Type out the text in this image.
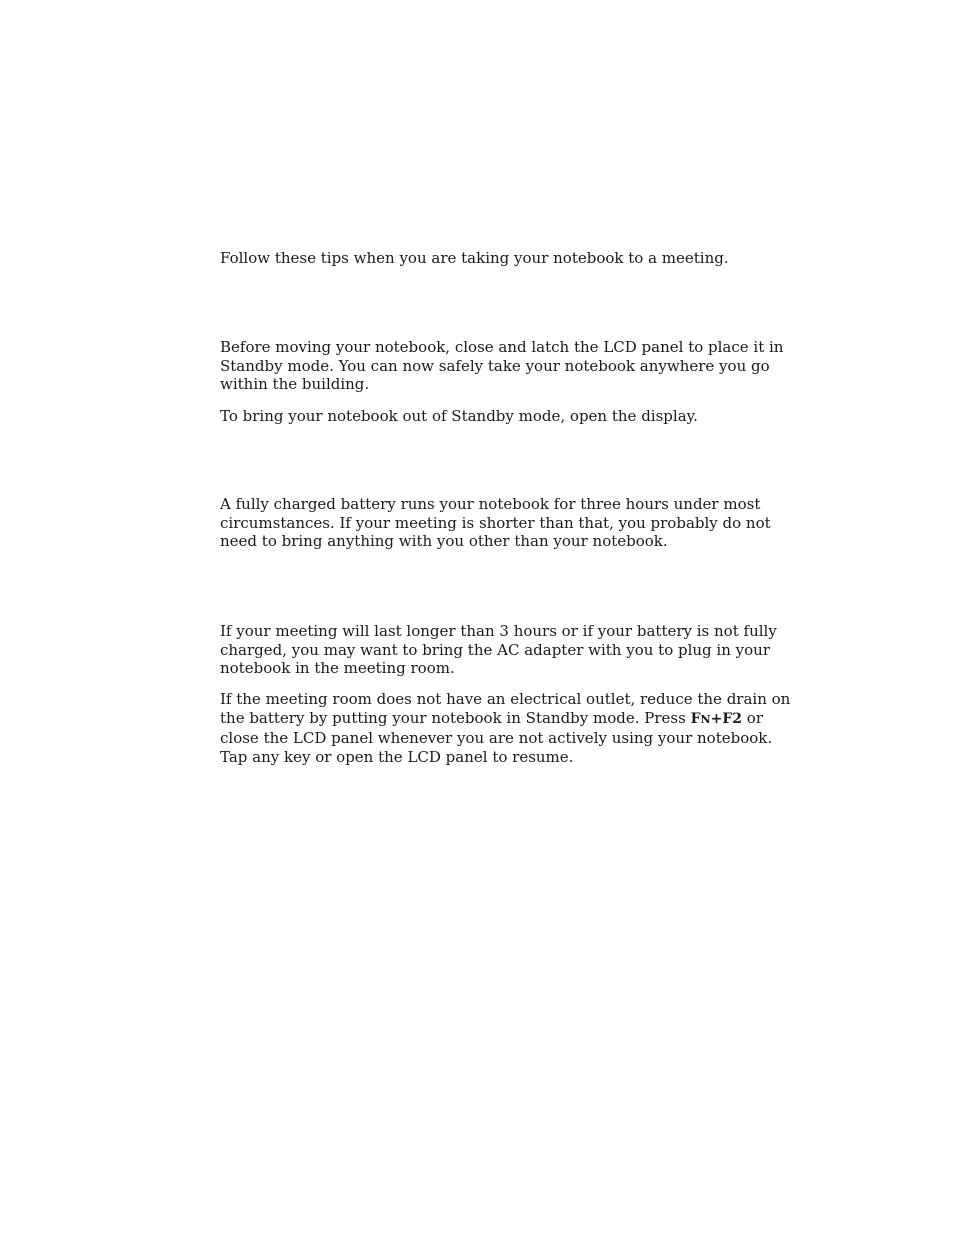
Follow these tips when you are taking your notebook to a meeting.

Before moving your notebook, close and latch the LCD panel to place it in Standby mode. You can now safely take your notebook anywhere you go within the building.

To bring your notebook out of Standby mode, open the display.

A fully charged battery runs your notebook for three hours under most circumstances. If your meeting is shorter than that, you probably do not need to bring anything with you other than your notebook.

If your meeting will last longer than 3 hours or if your battery is not fully charged, you may want to bring the AC adapter with you to plug in your notebook in the meeting room.

If the meeting room does not have an electrical outlet, reduce the drain on the battery by putting your notebook in Standby mode. Press FN+F2 or close the LCD panel whenever you are not actively using your notebook. Tap any key or open the LCD panel to resume.
